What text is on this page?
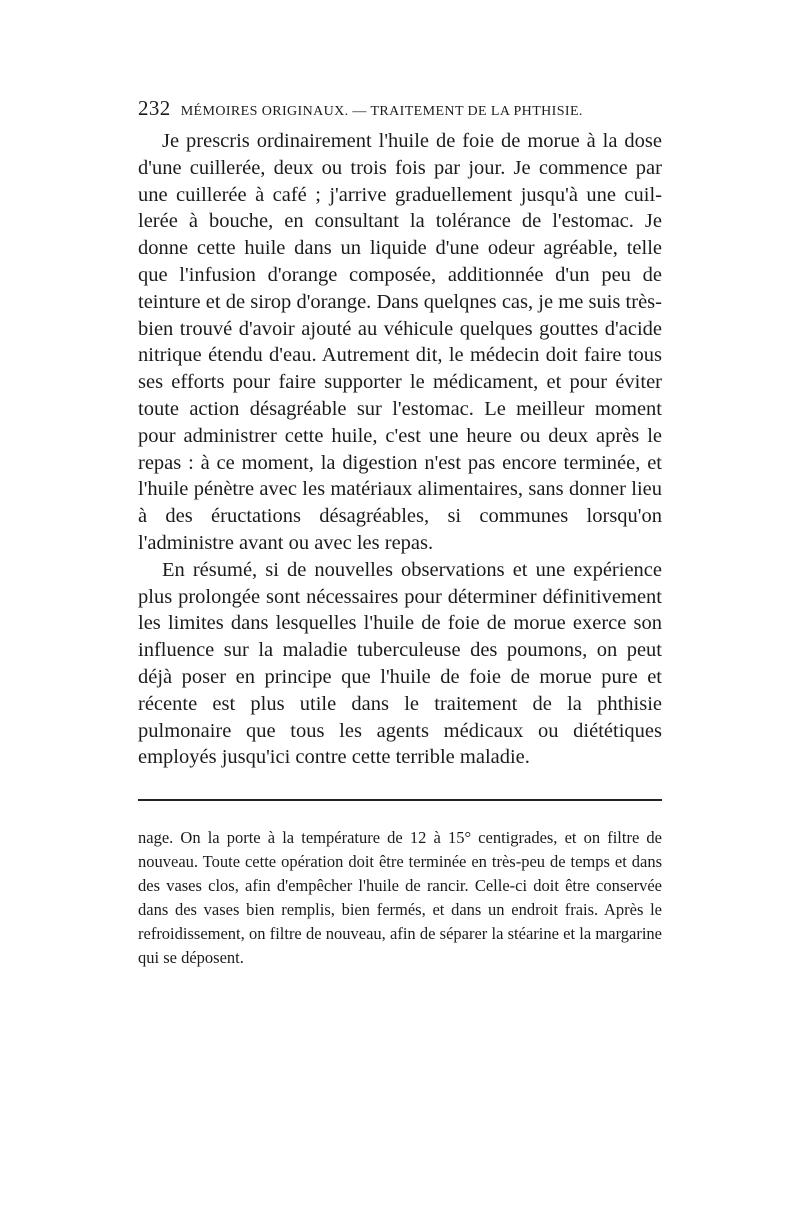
232 MÉMOIRES ORIGINAUX. — TRAITEMENT DE LA PHTHISIE.

Je prescris ordinairement l'huile de foie de morue à la dose d'une cuillerée, deux ou trois fois par jour. Je commence par une cuillerée à café ; j'arrive graduellement jusqu'à une cuillerée à bouche, en consultant la tolérance de l'estomac. Je donne cette huile dans un liquide d'une odeur agréable, telle que l'infusion d'orange composée, additionnée d'un peu de teinture et de sirop d'orange. Dans quelqnes cas, je me suis très-bien trouvé d'avoir ajouté au véhicule quelques gouttes d'acide nitrique étendu d'eau. Autrement dit, le médecin doit faire tous ses efforts pour faire supporter le médicament, et pour éviter toute action désagréable sur l'estomac. Le meilleur moment pour administrer cette huile, c'est une heure ou deux après le repas : à ce moment, la digestion n'est pas encore terminée, et l'huile pénètre avec les matériaux alimentaires, sans donner lieu à des éructations désagréables, si communes lorsqu'on l'administre avant ou avec les repas.

En résumé, si de nouvelles observations et une expérience plus prolongée sont nécessaires pour déterminer définitivement les limites dans lesquelles l'huile de foie de morue exerce son influence sur la maladie tuberculeuse des poumons, on peut déjà poser en principe que l'huile de foie de morue pure et récente est plus utile dans le traitement de la phthisie pulmonaire que tous les agents médicaux ou diététiques employés jusqu'ici contre cette terrible maladie.

nage. On la porte à la température de 12 à 15° centigrades, et on filtre de nouveau. Toute cette opération doit être terminée en très-peu de temps et dans des vases clos, afin d'empêcher l'huile de rancir. Celle-ci doit être conservée dans des vases bien remplis, bien fermés, et dans un endroit frais. Après le refroidissement, on filtre de nouveau, afin de séparer la stéarine et la margarine qui se déposent.
